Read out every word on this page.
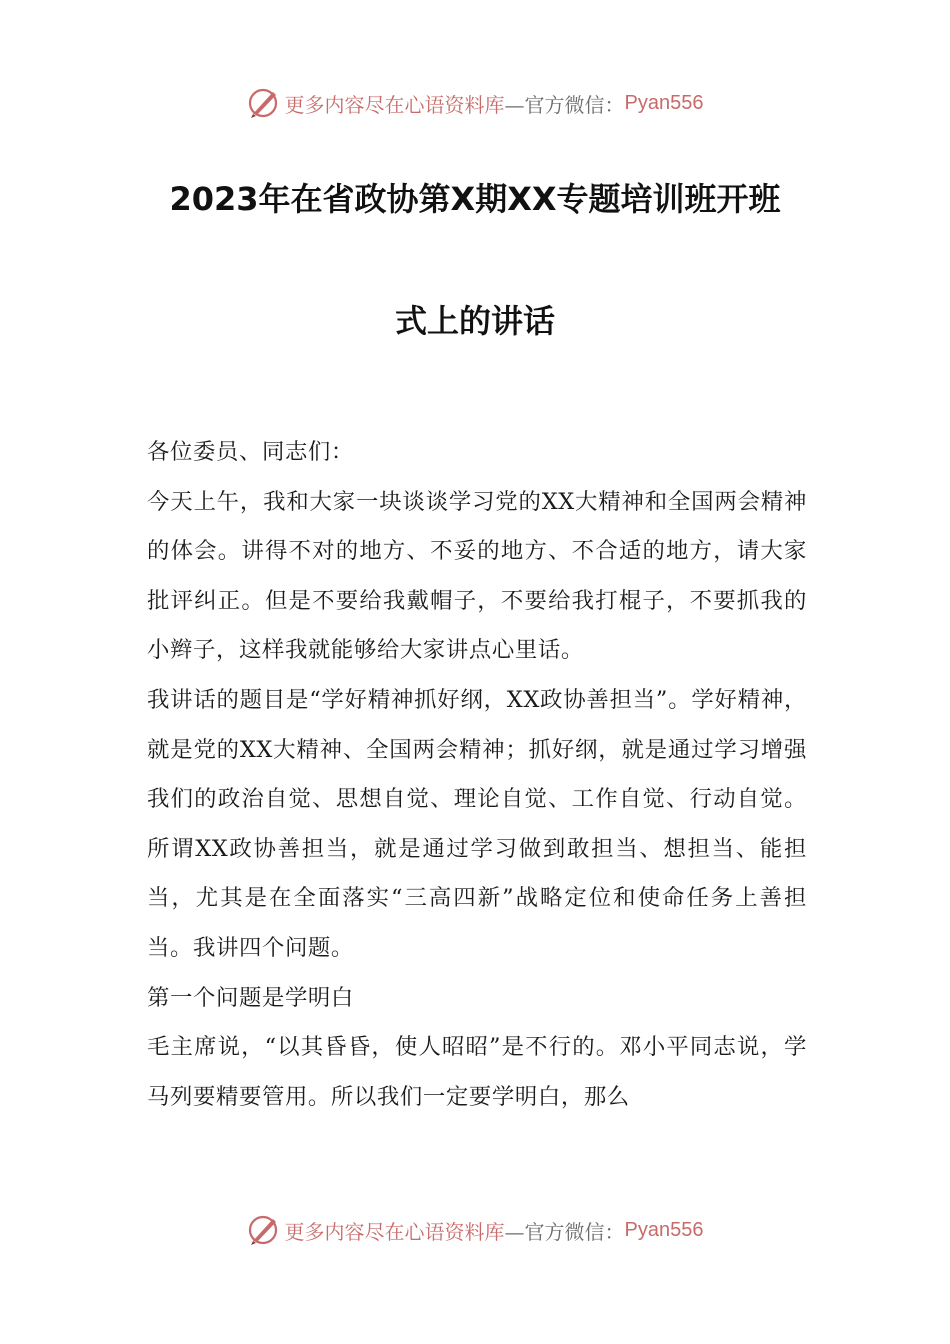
更多内容尽在心语资料库 —官方微信： Pyan556
2023年在省政协第X期XX专题培训班开班
式上的讲话

各位委员、同志们：

今天上午，我和大家一块谈谈学习党的XX大精神和全国两会精神的体会。讲得不对的地方、不妥的地方、不合适的地方，请大家批评纠正。但是不要给我戴帽子，不要给我打棍子，不要抓我的小辫子，这样我就能够给大家讲点心里话。

我讲话的题目是“学好精神抓好纲，XX政协善担当”。学好精神，就是党的XX大精神、全国两会精神；抓好纲，就是通过学习增强我们的政治自觉、思想自觉、理论自觉、工作自觉、行动自觉。所谓XX政协善担当，就是通过学习做到敢担当、想担当、能担当，尤其是在全面落实“三高四新”战略定位和使命任务上善担当。我讲四个问题。

第一个问题是学明白

毛主席说，“以其昏昏，使人昭昭”是不行的。邓小平同志说，学马列要精要管用。所以我们一定要学明白，那么

更多内容尽在心语资料库 —官方微信： Pyan556
